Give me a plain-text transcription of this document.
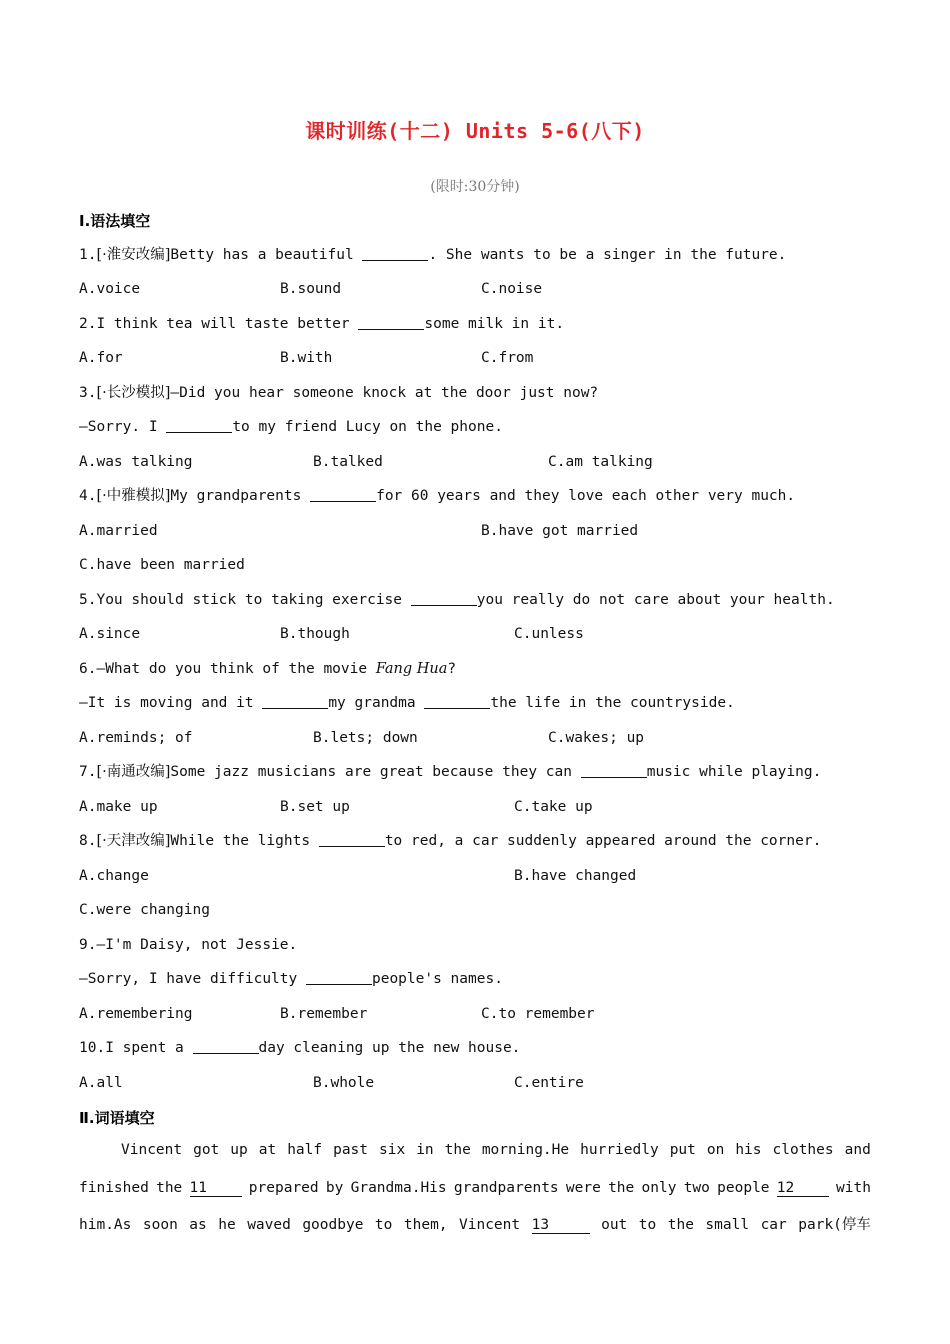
课时训练(十二) Units 5-6(八下)
(限时:30分钟)
Ⅰ.语法填空
1.[·淮安改编]Betty has a beautiful	. She wants to be a singer in the future.
A.voice	B.sound	C.noise
2.I think tea will taste better	some milk in it.
A.for	B.with	C.from
3.[·长沙模拟]—Did you hear someone knock at the door just now?
—Sorry. I	to my friend Lucy on the phone.
A.was talking	B.talked	C.am talking
4.[·中雅模拟]My grandparents	for 60 years and they love each other very much.
A.married	B.have got married
C.have been married
5.You should stick to taking exercise	you really do not care about your health.
A.since	B.though	C.unless
6.—What do you think of the movie Fang Hua?
—It is moving and it	my grandma	the life in the countryside.
A.reminds; of	B.lets; down	C.wakes; up
7.[·南通改编]Some jazz musicians are great because they can	music while playing.
A.make up	B.set up	C.take up
8.[·天津改编]While the lights	to red, a car suddenly appeared around the corner.
A.change	B.have changed
C.were changing
9.—I'm Daisy, not Jessie.
—Sorry, I have difficulty	people's names.
A.remembering	B.remember	C.to remember
10.I spent a	day cleaning up the new house.
A.all	B.whole	C.entire
Ⅱ.词语填空
Vincent got up at half past six in the morning.He hurriedly put on his clothes and
finished the 11	prepared by Grandma.His grandparents were the only two people 12	with
him.As soon as he waved goodbye to them, Vincent 13	out to the small car park(停车
